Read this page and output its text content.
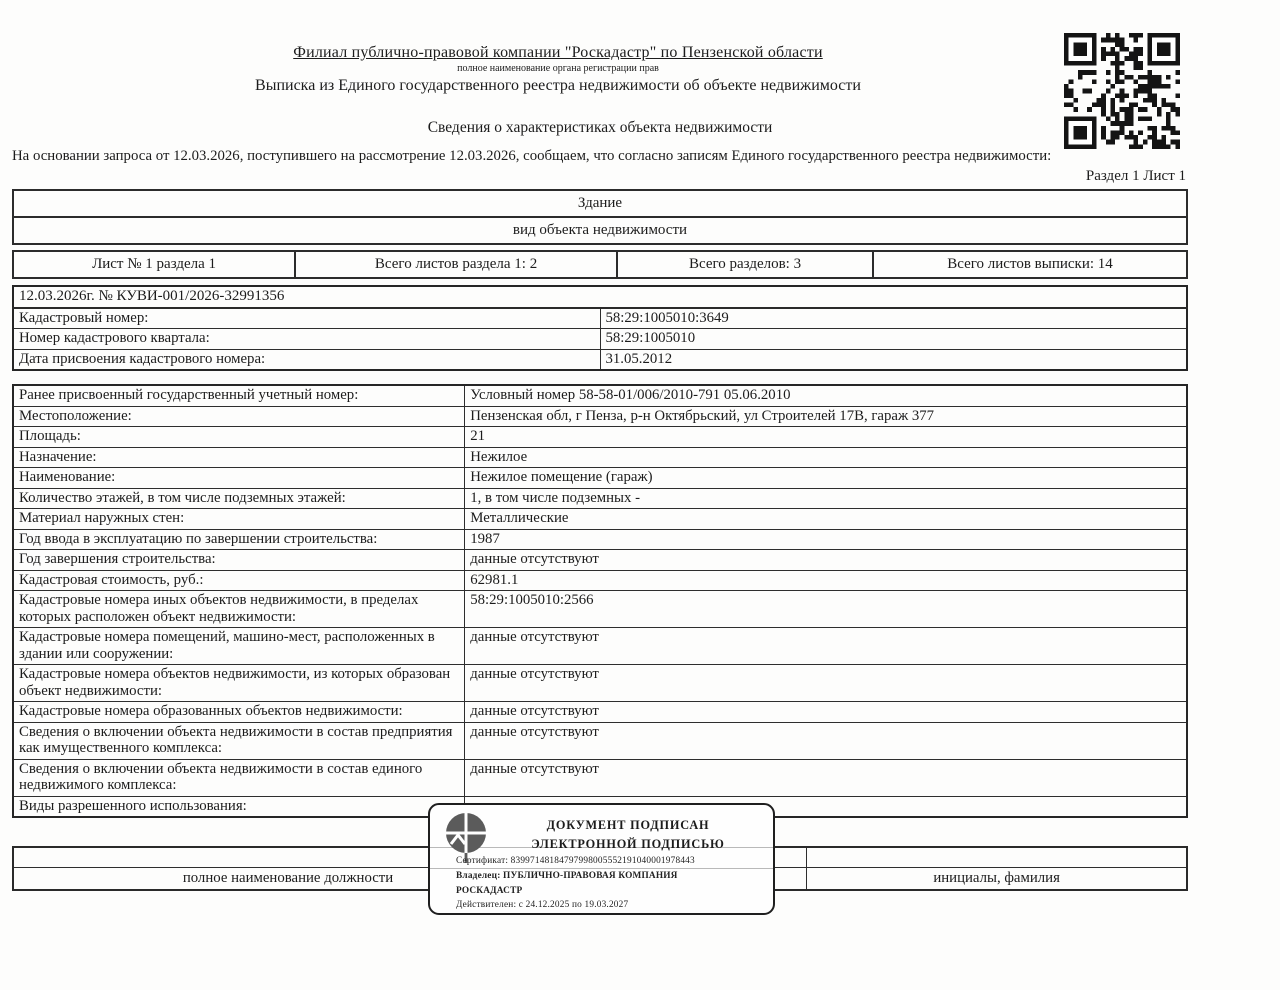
Филиал публично-правовой компании "Роскадастр" по Пензенской области
полное наименование органа регистрации прав
Выписка из Единого государственного реестра недвижимости об объекте недвижимости
Сведения о характеристиках объекта недвижимости
На основании запроса от 12.03.2026, поступившего на рассмотрение 12.03.2026, сообщаем, что согласно записям Единого государственного реестра недвижимости:
Раздел 1 Лист 1
Здание
вид объекта недвижимости
Лист № 1 раздела 1	Всего листов раздела 1: 2	Всего разделов: 3	Всего листов выписки: 14
12.03.2026г. № КУВИ-001/2026-32991356	
Кадастровый номер:	58:29:1005010:3649
Номер кадастрового квартала:	58:29:1005010
Дата присвоения кадастрового номера:	31.05.2012
Ранее присвоенный государственный учетный номер:	Условный номер 58-58-01/006/2010-791 05.06.2010
Местоположение:	Пензенская обл, г Пенза, р-н Октябрьский, ул Строителей 17В, гараж 377
Площадь:	21
Назначение:	Нежилое
Наименование:	Нежилое помещение (гараж)
Количество этажей, в том числе подземных этажей:	1, в том числе подземных -
Материал наружных стен:	Металлические
Год ввода в эксплуатацию по завершении строительства:	1987
Год завершения строительства:	данные отсутствуют
Кадастровая стоимость, руб.:	62981.1
Кадастровые номера иных объектов недвижимости, в пределах которых расположен объект недвижимости:	58:29:1005010:2566
Кадастровые номера помещений, машино-мест, расположенных в здании или сооружении:	данные отсутствуют
Кадастровые номера объектов недвижимости, из которых образован объект недвижимости:	данные отсутствуют
Кадастровые номера образованных объектов недвижимости:	данные отсутствуют
Сведения о включении объекта недвижимости в состав предприятия как имущественного комплекса:	данные отсутствуют
Сведения о включении объекта недвижимости в состав единого недвижимого комплекса:	данные отсутствуют
Виды разрешенного использования:	

полное наименование должности	инициалы, фамилия
ДОКУМЕНТ ПОДПИСАН
ЭЛЕКТРОННОЙ ПОДПИСЬЮ
Сертификат: 83997148184797998005552191040001978443
Владелец: ПУБЛИЧНО-ПРАВОВАЯ КОМПАНИЯ
РОСКАДАСТР
Действителен: с 24.12.2025 по 19.03.2027
